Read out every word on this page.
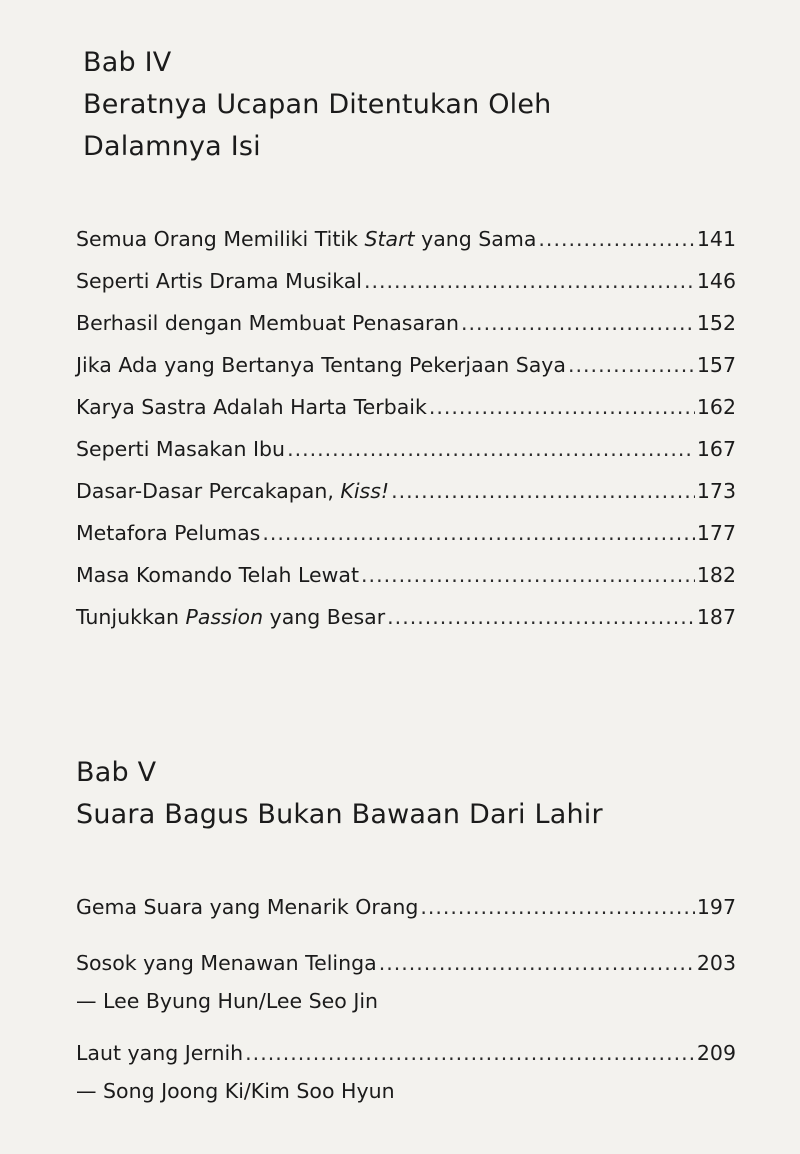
Bab IV
Beratnya Ucapan Ditentukan Oleh
Dalamnya Isi
Semua Orang Memiliki Titik Start yang Sama .....	141
Seperti Artis Drama Musikal .....	146
Berhasil dengan Membuat Penasaran .....	152
Jika Ada yang Bertanya Tentang Pekerjaan Saya .....	157
Karya Sastra Adalah Harta Terbaik .....	162
Seperti Masakan Ibu .....	167
Dasar-Dasar Percakapan, Kiss! .....	173
Metafora Pelumas .....	177
Masa Komando Telah Lewat .....	182
Tunjukkan Passion yang Besar .....	187
Bab V
Suara Bagus Bukan Bawaan Dari Lahir
Gema Suara yang Menarik Orang .....	197
Sosok yang Menawan Telinga .....	203
— Lee Byung Hun/Lee Seo Jin
Laut yang Jernih .....	209
— Song Joong Ki/Kim Soo Hyun
